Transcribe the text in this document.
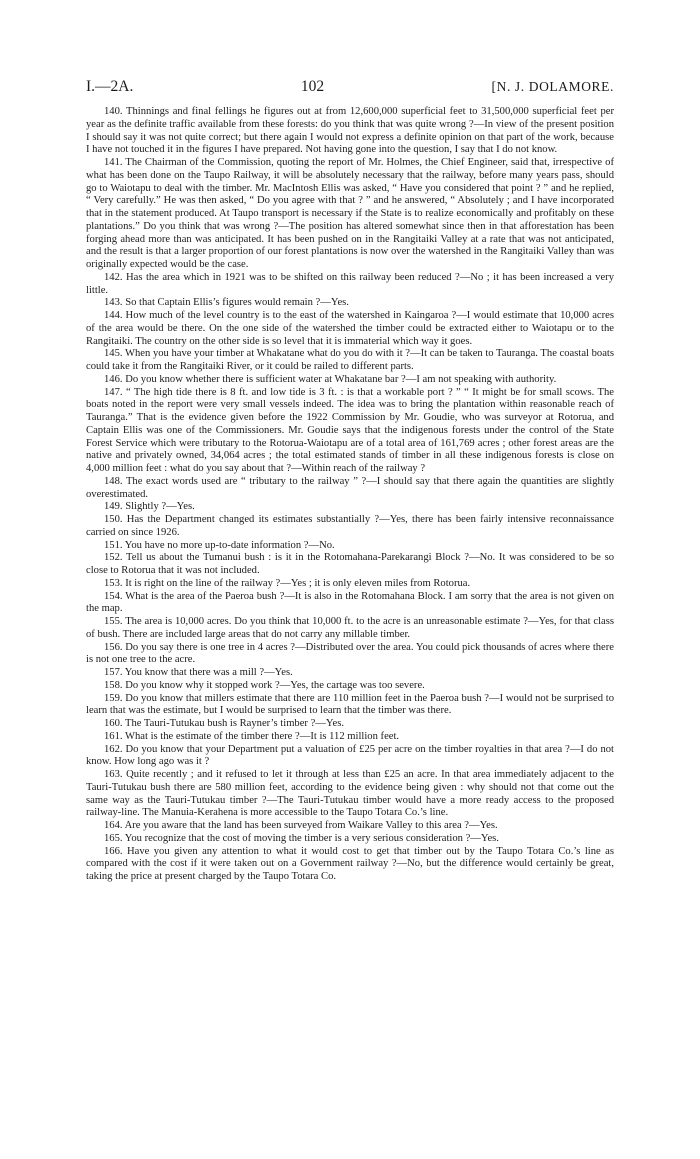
I.—2A.	102	[N. J. DOLAMORE.

140. Thinnings and final fellings he figures out at from 12,600,000 superficial feet to 31,500,000 superficial feet per year as the definite traffic available from these forests: do you think that was quite wrong ?—In view of the present position I should say it was not quite correct; but there again I would not express a definite opinion on that part of the work, because I have not touched it in the figures I have prepared. Not having gone into the question, I say that I do not know.

141. The Chairman of the Commission, quoting the report of Mr. Holmes, the Chief Engineer, said that, irrespective of what has been done on the Taupo Railway, it will be absolutely necessary that the railway, before many years pass, should go to Waiotapu to deal with the timber. Mr. MacIntosh Ellis was asked, “ Have you considered that point ? ” and he replied, “ Very carefully.” He was then asked, “ Do you agree with that ? ” and he answered, “ Absolutely ; and I have incorporated that in the statement produced. At Taupo transport is necessary if the State is to realize economically and profitably on these plantations.” Do you think that was wrong ?—The position has altered somewhat since then in that afforestation has been forging ahead more than was anticipated. It has been pushed on in the Rangitaiki Valley at a rate that was not anticipated, and the result is that a larger proportion of our forest plantations is now over the watershed in the Rangitaiki Valley than was originally expected would be the case.

142. Has the area which in 1921 was to be shifted on this railway been reduced ?—No ; it has been increased a very little.

143. So that Captain Ellis’s figures would remain ?—Yes.

144. How much of the level country is to the east of the watershed in Kaingaroa ?—I would estimate that 10,000 acres of the area would be there. On the one side of the watershed the timber could be extracted either to Waiotapu or to the Rangitaiki. The country on the other side is so level that it is immaterial which way it goes.

145. When you have your timber at Whakatane what do you do with it ?—It can be taken to Tauranga. The coastal boats could take it from the Rangitaiki River, or it could be railed to different parts.

146. Do you know whether there is sufficient water at Whakatane bar ?—I am not speaking with authority.

147. “ The high tide there is 8 ft. and low tide is 3 ft. : is that a workable port ? ” “ It might be for small scows. The boats noted in the report were very small vessels indeed. The idea was to bring the plantation within reasonable reach of Tauranga.” That is the evidence given before the 1922 Commission by Mr. Goudie, who was surveyor at Rotorua, and Captain Ellis was one of the Commissioners. Mr. Goudie says that the indigenous forests under the control of the State Forest Service which were tributary to the Rotorua-Waiotapu are of a total area of 161,769 acres ; other forest areas are the native and privately owned, 34,064 acres ; the total estimated stands of timber in all these indigenous forests is close on 4,000 million feet : what do you say about that ?—Within reach of the railway ?

148. The exact words used are “ tributary to the railway ” ?—I should say that there again the quantities are slightly overestimated.

149. Slightly ?—Yes.

150. Has the Department changed its estimates substantially ?—Yes, there has been fairly intensive reconnaissance carried on since 1926.

151. You have no more up-to-date information ?—No.

152. Tell us about the Tumanui bush : is it in the Rotomahana-Parekarangi Block ?—No. It was considered to be so close to Rotorua that it was not included.

153. It is right on the line of the railway ?—Yes ; it is only eleven miles from Rotorua.

154. What is the area of the Paeroa bush ?—It is also in the Rotomahana Block. I am sorry that the area is not given on the map.

155. The area is 10,000 acres. Do you think that 10,000 ft. to the acre is an unreasonable estimate ?—Yes, for that class of bush. There are included large areas that do not carry any millable timber.

156. Do you say there is one tree in 4 acres ?—Distributed over the area. You could pick thousands of acres where there is not one tree to the acre.

157. You know that there was a mill ?—Yes.

158. Do you know why it stopped work ?—Yes, the cartage was too severe.

159. Do you know that millers estimate that there are 110 million feet in the Paeroa bush ?—I would not be surprised to learn that was the estimate, but I would be surprised to learn that the timber was there.

160. The Tauri-Tutukau bush is Rayner’s timber ?—Yes.

161. What is the estimate of the timber there ?—It is 112 million feet.

162. Do you know that your Department put a valuation of £25 per acre on the timber royalties in that area ?—I do not know. How long ago was it ?

163. Quite recently ; and it refused to let it through at less than £25 an acre. In that area immediately adjacent to the Tauri-Tutukau bush there are 580 million feet, according to the evidence being given : why should not that come out the same way as the Tauri-Tutukau timber ?—The Tauri-Tutukau timber would have a more ready access to the proposed railway-line. The Manuia-Kerahena is more accessible to the Taupo Totara Co.’s line.

164. Are you aware that the land has been surveyed from Waikare Valley to this area ?—Yes.

165. You recognize that the cost of moving the timber is a very serious consideration ?—Yes.

166. Have you given any attention to what it would cost to get that timber out by the Taupo Totara Co.’s line as compared with the cost if it were taken out on a Government railway ?—No, but the difference would certainly be great, taking the price at present charged by the Taupo Totara Co.
